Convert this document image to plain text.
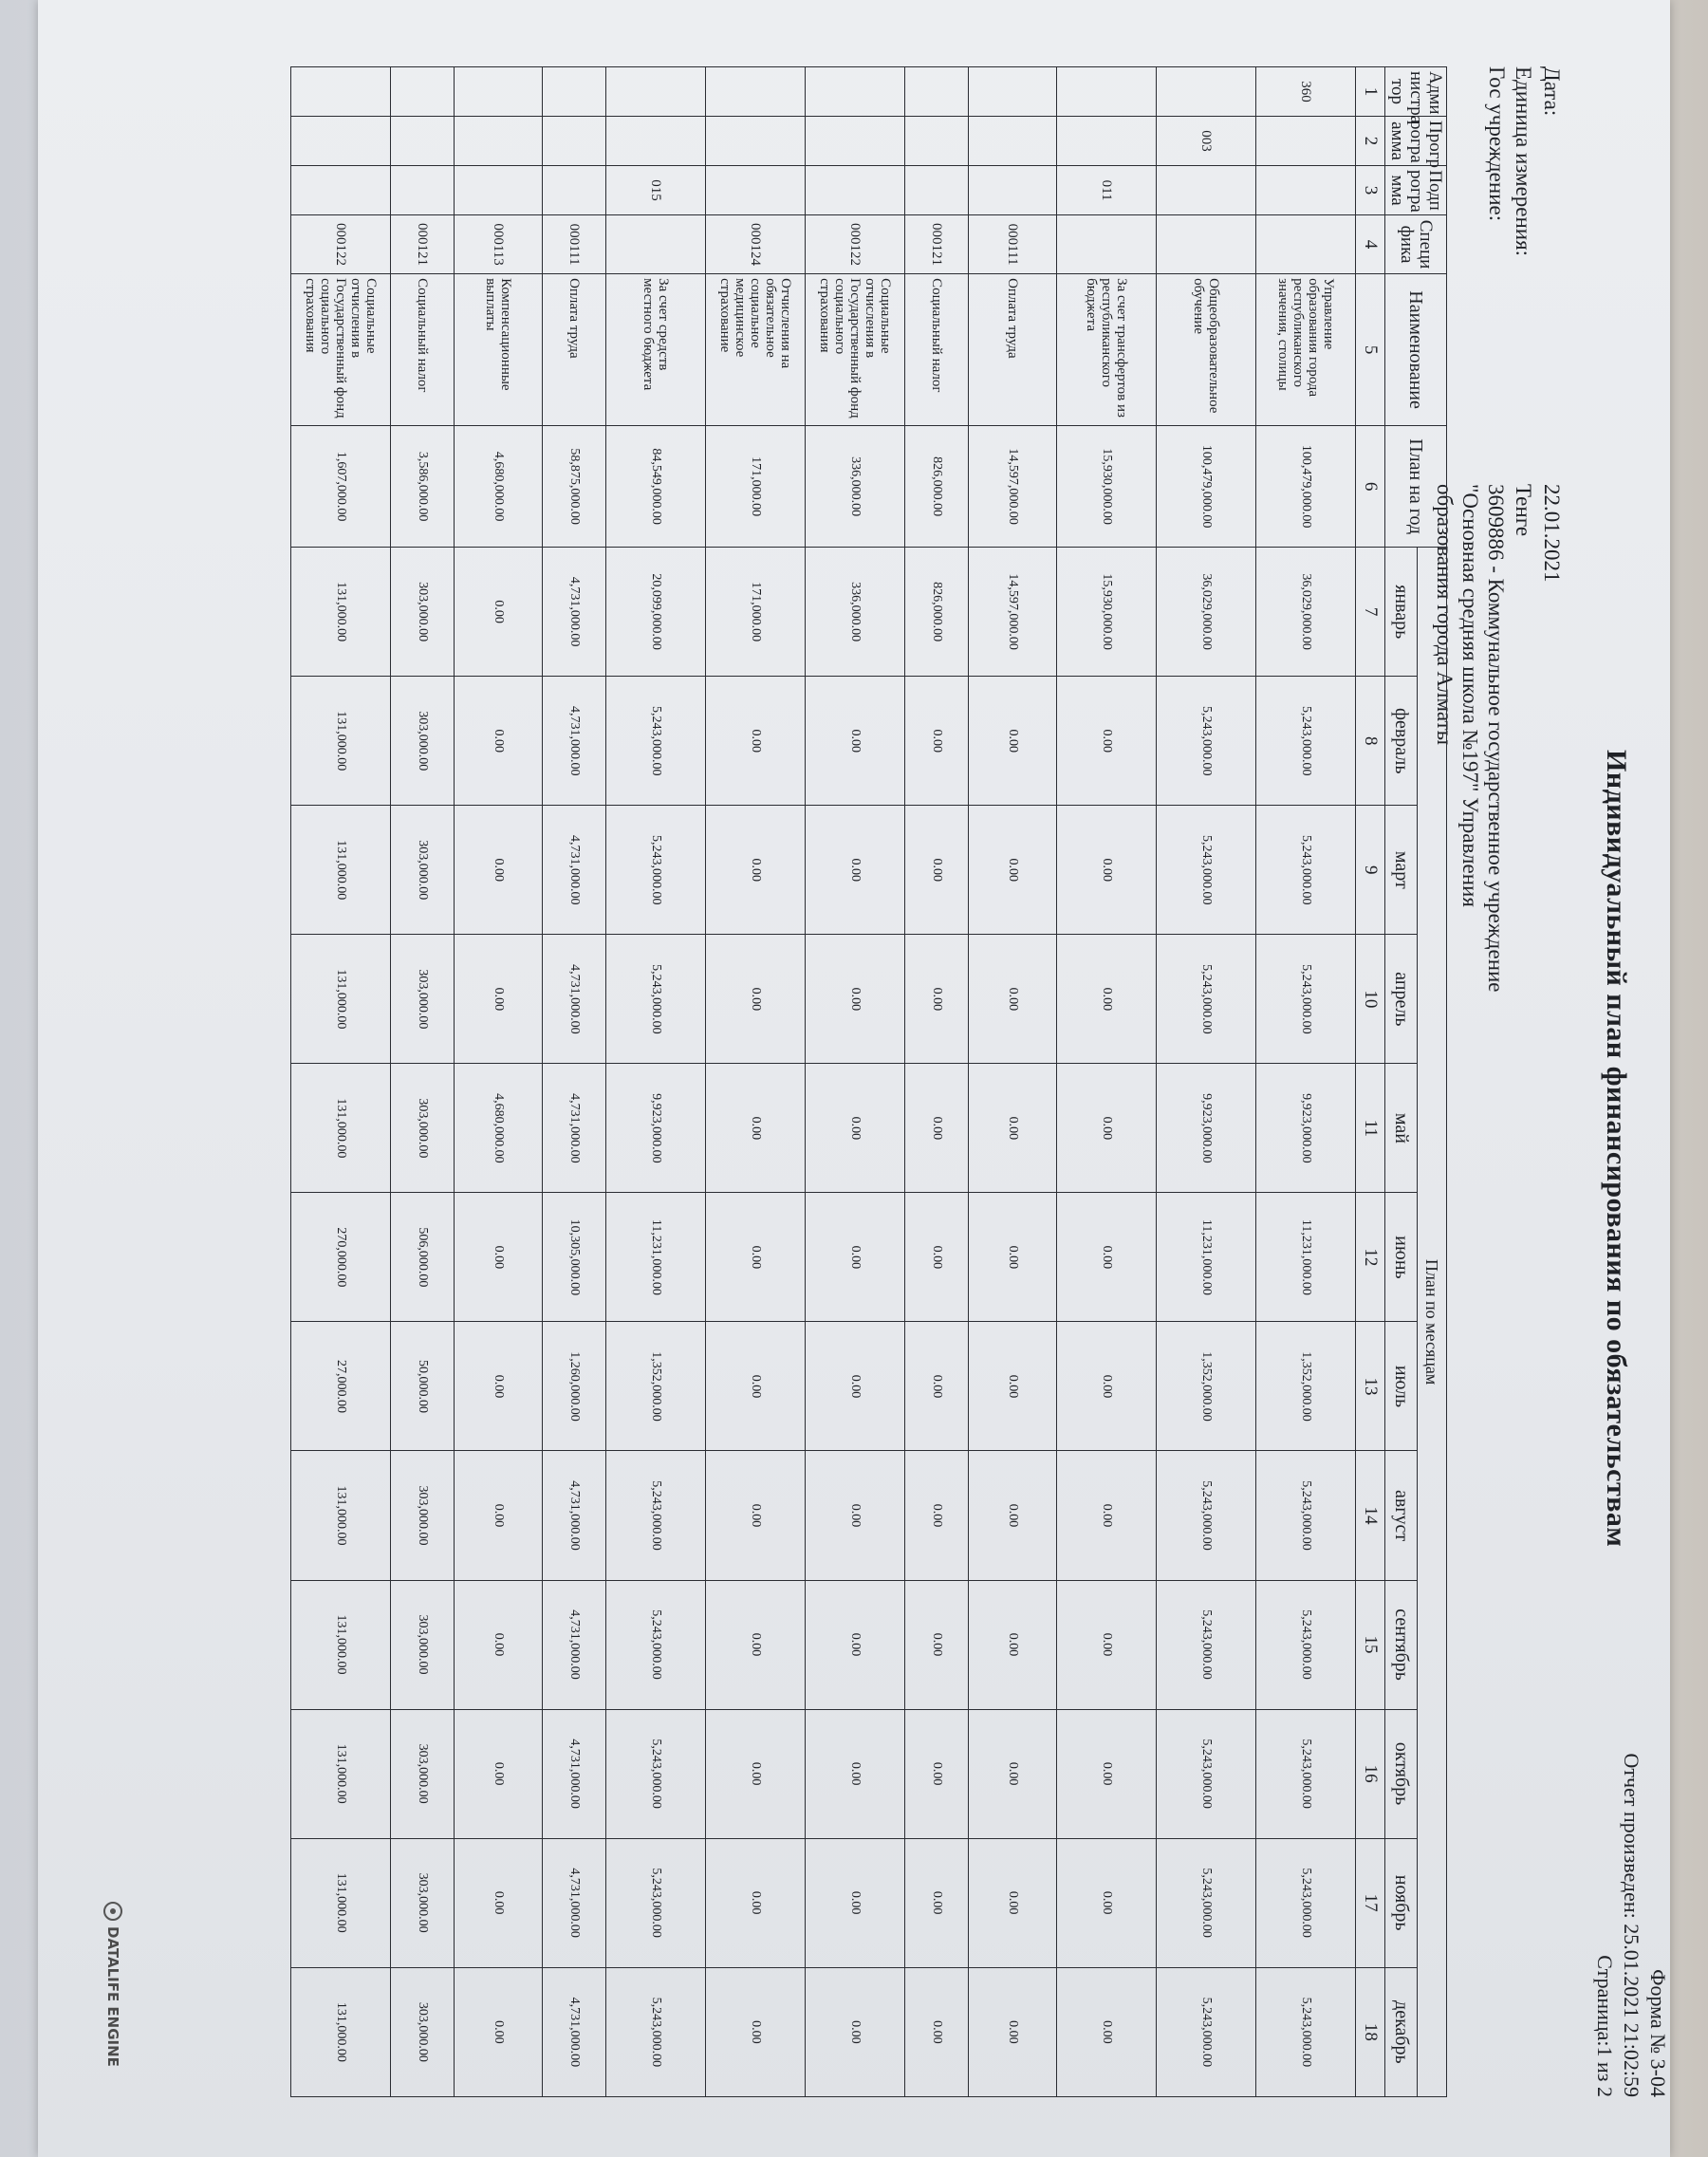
Форма № 3-04
Отчет произведен: 25.01.2021 21:02:59
Страница:1 из 2
Индивидуальный план финансирования по обязательствам
Дата:
22.01.2021
Единица измерения:
Тенге
Гос учреждение:
3609886 - Коммунальное государственное учреждение "Основная средняя школа №197" Управления образования города Алматы
Адми нистра тор	Прогр рогра амма	Подп рогра мма	Специ фика	Наименование	План на год	План по месяцам											
						январь	февраль	март	апрель	май	июнь	июль	август	сентябрь	октябрь	ноябрь	декабрь
1	2	3	4	5	6	7	8	9	10	11	12	13	14	15	16	17	18
360				Управление образования города республиканского значения, столицы	100,479,000.00	36,029,000.00	5,243,000.00	5,243,000.00	5,243,000.00	9,923,000.00	11,231,000.00	1,352,000.00	5,243,000.00	5,243,000.00	5,243,000.00	5,243,000.00	5,243,000.00
	003			Общеобразовательное обучение	100,479,000.00	36,029,000.00	5,243,000.00	5,243,000.00	5,243,000.00	9,923,000.00	11,231,000.00	1,352,000.00	5,243,000.00	5,243,000.00	5,243,000.00	5,243,000.00	5,243,000.00
		011		За счет трансфертов из республиканского бюджета	15,930,000.00	15,930,000.00	0.00	0.00	0.00	0.00	0.00	0.00	0.00	0.00	0.00	0.00	0.00
			000111	Оплата труда	14,597,000.00	14,597,000.00	0.00	0.00	0.00	0.00	0.00	0.00	0.00	0.00	0.00	0.00	0.00
			000121	Социальный налог	826,000.00	826,000.00	0.00	0.00	0.00	0.00	0.00	0.00	0.00	0.00	0.00	0.00	0.00
			000122	Социальные отчисления в Государственный фонд социального страхования	336,000.00	336,000.00	0.00	0.00	0.00	0.00	0.00	0.00	0.00	0.00	0.00	0.00	0.00
			000124	Отчисления на обязательное социальное медицинское страхование	171,000.00	171,000.00	0.00	0.00	0.00	0.00	0.00	0.00	0.00	0.00	0.00	0.00	0.00
		015		За счет средств местного бюджета	84,549,000.00	20,099,000.00	5,243,000.00	5,243,000.00	5,243,000.00	9,923,000.00	11,231,000.00	1,352,000.00	5,243,000.00	5,243,000.00	5,243,000.00	5,243,000.00	5,243,000.00
			000111	Оплата труда	58,875,000.00	4,731,000.00	4,731,000.00	4,731,000.00	4,731,000.00	4,731,000.00	10,305,000.00	1,260,000.00	4,731,000.00	4,731,000.00	4,731,000.00	4,731,000.00	4,731,000.00
			000113	Компенсационные выплаты	4,680,000.00	0.00	0.00	0.00	0.00	4,680,000.00	0.00	0.00	0.00	0.00	0.00	0.00	0.00
			000121	Социальный налог	3,586,000.00	303,000.00	303,000.00	303,000.00	303,000.00	303,000.00	506,000.00	50,000.00	303,000.00	303,000.00	303,000.00	303,000.00	303,000.00
			000122	Социальные отчисления в Государственный фонд социального страхования	1,607,000.00	131,000.00	131,000.00	131,000.00	131,000.00	131,000.00	270,000.00	27,000.00	131,000.00	131,000.00	131,000.00	131,000.00	131,000.00
DATALIFE ENGINE
